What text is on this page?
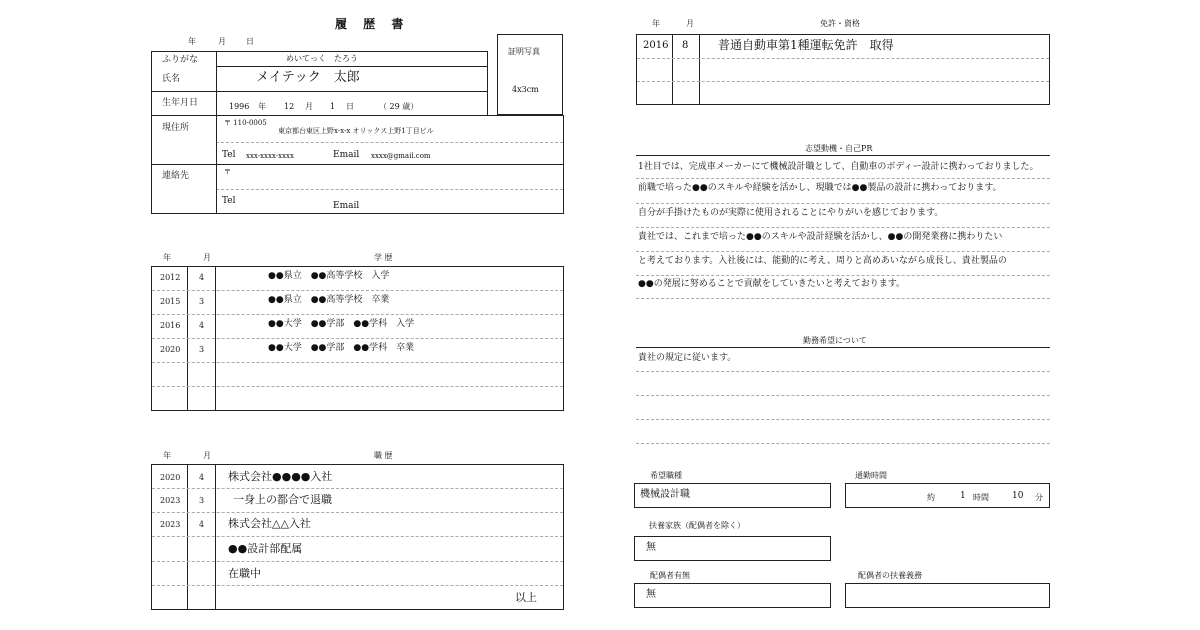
履 歴 書
年	月	日
証明写真
4x3cm
ふりがな	めいてっく　たろう
氏名	メイテック　太郎
生年月日	1996 年 12 月 1 日	（ 29 歳）
現住所	〒 110-0005
東京都台東区上野x-x-x オリックス上野1丁目ビル
Tel xxx-xxxx-xxxx	Email xxxx@gmail.com
連絡先	〒
Tel	Email
年	月	学 歴
2012 4	●●県立　●●高等学校　入学
2015 3	●●県立　●●高等学校　卒業
2016 4	●●大学　●●学部　●●学科　入学
2020 3	●●大学　●●学部　●●学科　卒業
年	月	職 歴
2020 4 株式会社●●●●入社
2023 3	一身上の都合で退職
2023 4 株式会社△△入社
●●設計部配属
在職中
以上
年	月	免許・資格
2016 8 普通自動車第1種運転免許　取得
志望動機・自己PR
1社目では、完成車メーカーにて機械設計職として、自動車のボディー設計に携わっておりました。
前職で培った●●のスキルや経験を活かし、現職では●●製品の設計に携わっております。
自分が手掛けたものが実際に使用されることにやりがいを感じております。
貴社では、これまで培った●●のスキルや設計経験を活かし、●●の開発業務に携わりたい
と考えております。入社後には、能動的に考え、周りと高めあいながら成長し、貴社製品の
●●の発展に努めることで貢献をしていきたいと考えております。
勤務希望について
貴社の規定に従います。
希望職種
機械設計職
通勤時間
約	1 時間	10 分
扶養家族（配偶者を除く）
無
配偶者有無
無
配偶者の扶養義務
